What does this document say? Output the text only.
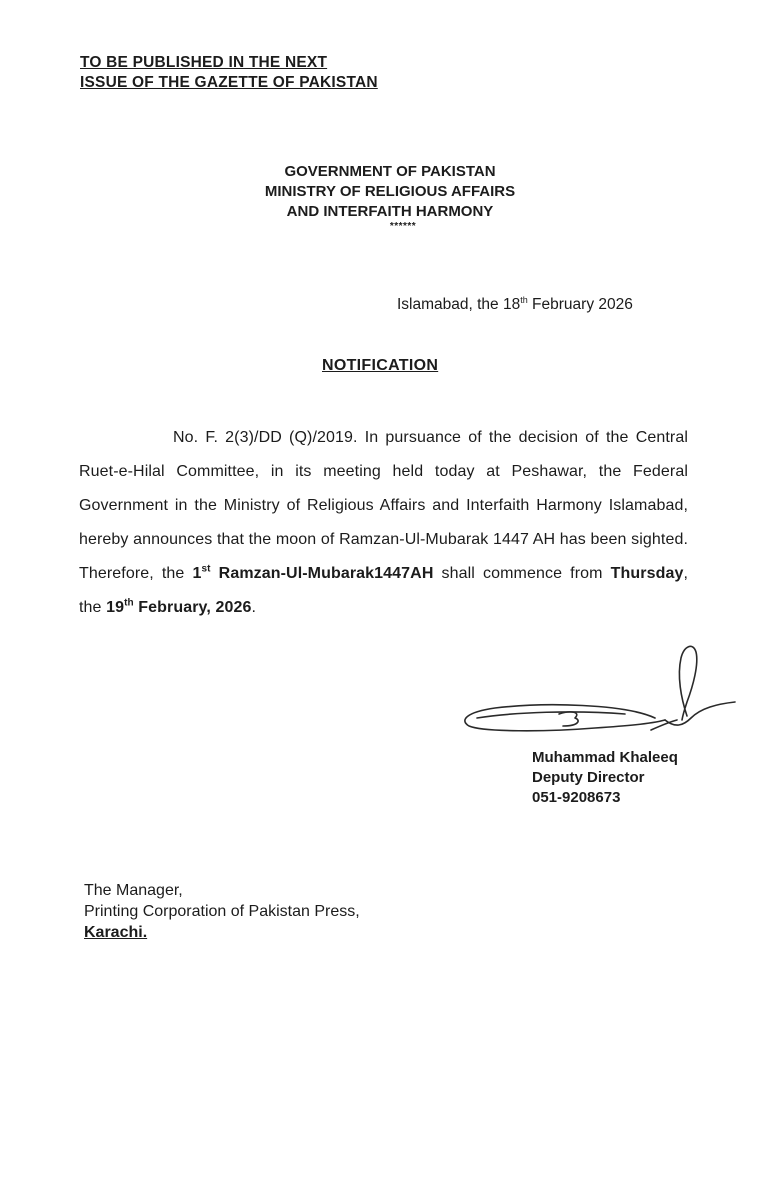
TO BE PUBLISHED IN THE NEXT
ISSUE OF THE GAZETTE OF PAKISTAN
GOVERNMENT OF PAKISTAN
MINISTRY OF RELIGIOUS AFFAIRS
AND INTERFAITH HARMONY
******
Islamabad, the 18th February 2026
NOTIFICATION
No. F. 2(3)/DD (Q)/2019. In pursuance of the decision of the Central Ruet-e-Hilal Committee, in its meeting held today at Peshawar, the Federal Government in the Ministry of Religious Affairs and Interfaith Harmony Islamabad, hereby announces that the moon of Ramzan-Ul-Mubarak 1447 AH has been sighted. Therefore, the 1st Ramzan-Ul-Mubarak1447AH shall commence from Thursday, the 19th February, 2026.
Muhammad Khaleeq
Deputy Director
051-9208673
The Manager,
Printing Corporation of Pakistan Press,
Karachi.
